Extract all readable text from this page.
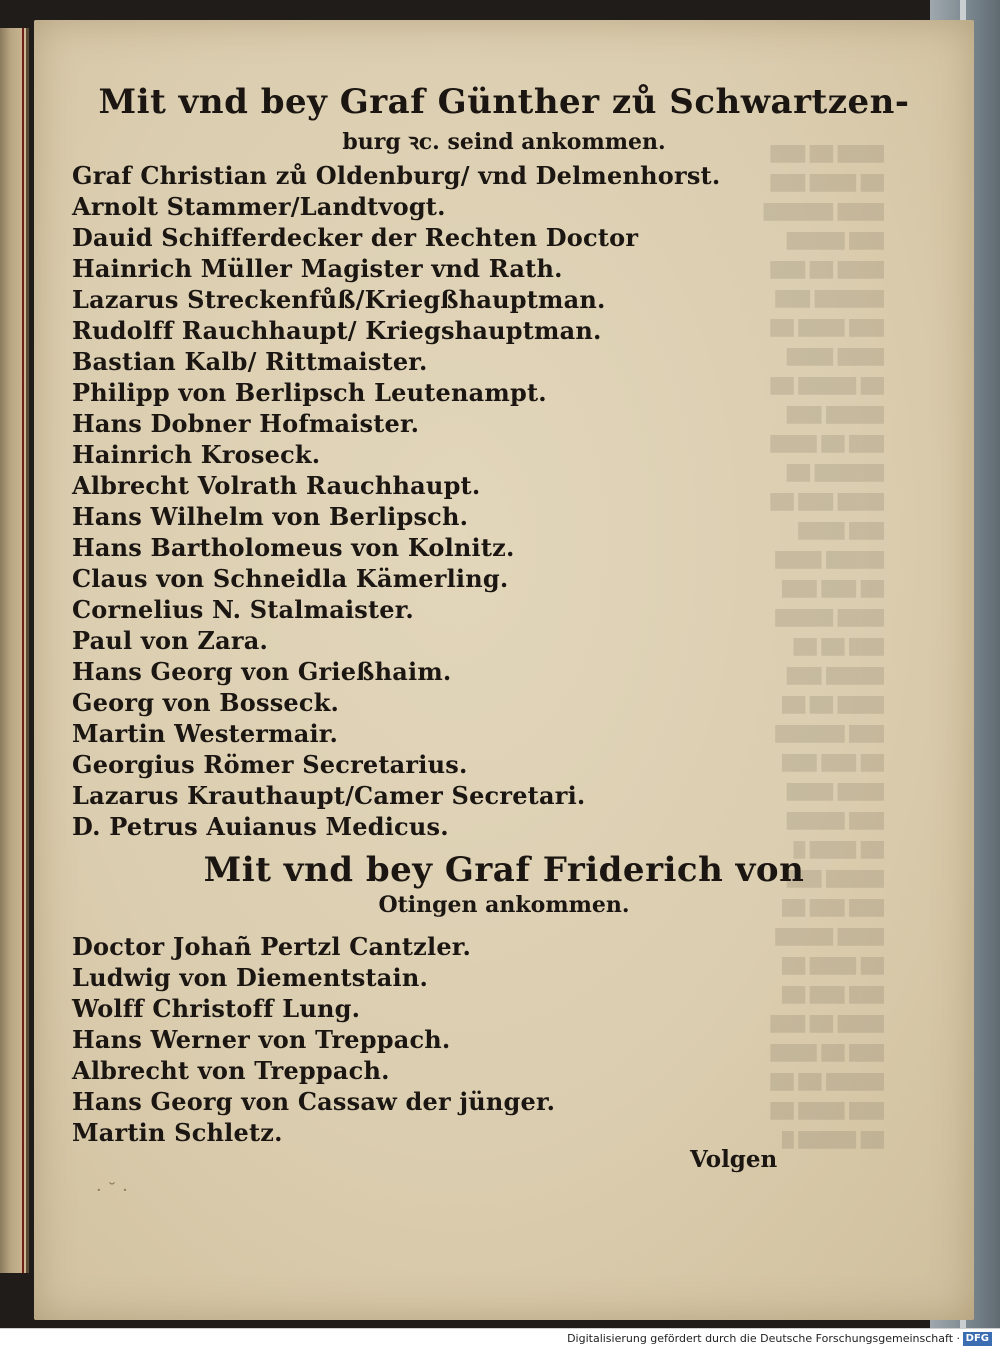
████ ██ ███
██ ████ ███
████ ██████
███ █████
████ ██ ███
██████ ███
███ ████ ██
████ ████
██ █████ ██
█████ ███
███ ██ ████
██████ ██
████ ███ ██
███ ████
█████ ████
██ ███ ███
████ █████
███ ██ ██
█████ ███
████ ██ ██
███ ██████
██ ███ ███
████ ████
███ █████
██ ████ █
█████ ███
███ ███ ██
████ █████
██ ████ ██
███ ███ ██
████ ██ ███
███ ██ ████
█████ ██ ██
███ ████ ██
██ █████ █
Mit vnd bey Graf Günther zů Schwartzen-
burg ꝛc. seind ankommen.
Graf Christian zů Oldenburg/ vnd Delmenhorst.
Arnolt Stammer/Landtvogt.
Dauid Schifferdecker der Rechten Doctor
Hainrich Müller Magister vnd Rath.
Lazarus Streckenfůß/Kriegßhauptman.
Rudolff Rauchhaupt/ Kriegshauptman.
Bastian Kalb/ Rittmaister.
Philipp von Berlipsch Leutenampt.
Hans Dobner Hofmaister.
Hainrich Kroseck.
Albrecht Volrath Rauchhaupt.
Hans Wilhelm von Berlipsch.
Hans Bartholomeus von Kolnitz.
Claus von Schneidla Kämerling.
Cornelius N. Stalmaister.
Paul von Zara.
Hans Georg von Grießhaim.
Georg von Bosseck.
Martin Westermair.
Georgius Römer Secretarius.
Lazarus Krauthaupt/Camer Secretari.
D. Petrus Auianus Medicus.
Mit vnd bey Graf Friderich von
Otingen ankommen.
Doctor Johañ Pertzl Cantzler.
Ludwig von Diementstain.
Wolff Christoff Lung.
Hans Werner von Treppach.
Albrecht von Treppach.
Hans Georg von Cassaw der jünger.
Martin Schletz.
Volgen
· ˘ ·
Digitalisierung gefördert durch die Deutsche Forschungsgemeinschaft · DFG
